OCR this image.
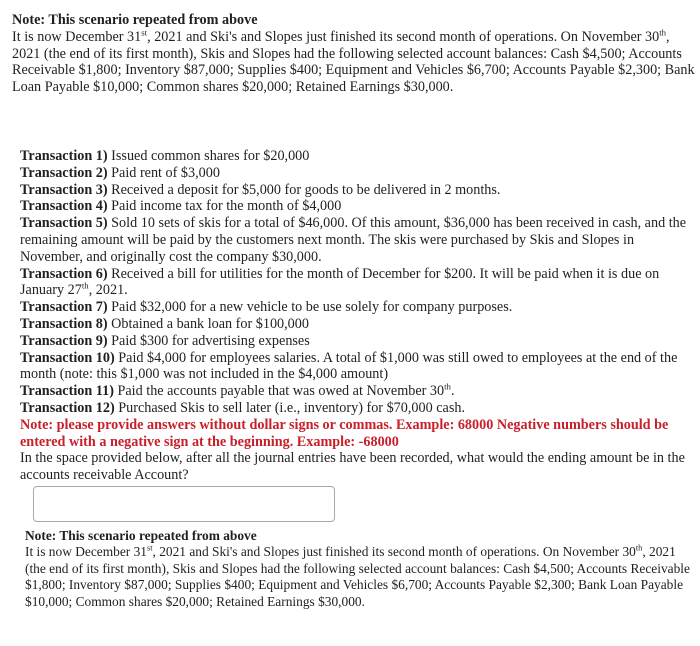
Note: This scenario repeated from above
It is now December 31st, 2021 and Ski's and Slopes just finished its second month of operations. On November 30th, 2021 (the end of its first month), Skis and Slopes had the following selected account balances: Cash $4,500; Accounts Receivable $1,800; Inventory $87,000; Supplies $400; Equipment and Vehicles $6,700; Accounts Payable $2,300; Bank Loan Payable $10,000; Common shares $20,000; Retained Earnings $30,000.
Transaction 1) Issued common shares for $20,000
Transaction 2) Paid rent of $3,000
Transaction 3) Received a deposit for $5,000 for goods to be delivered in 2 months.
Transaction 4) Paid income tax for the month of $4,000
Transaction 5) Sold 10 sets of skis for a total of $46,000. Of this amount, $36,000 has been received in cash, and the remaining amount will be paid by the customers next month. The skis were purchased by Skis and Slopes in November, and originally cost the company $30,000.
Transaction 6) Received a bill for utilities for the month of December for $200. It will be paid when it is due on January 27th, 2021.
Transaction 7) Paid $32,000 for a new vehicle to be use solely for company purposes.
Transaction 8) Obtained a bank loan for $100,000
Transaction 9) Paid $300 for advertising expenses
Transaction 10) Paid $4,000 for employees salaries. A total of $1,000 was still owed to employees at the end of the month (note: this $1,000 was not included in the $4,000 amount)
Transaction 11) Paid the accounts payable that was owed at November 30th.
Transaction 12) Purchased Skis to sell later (i.e., inventory) for $70,000 cash.
Note: please provide answers without dollar signs or commas. Example: 68000 Negative numbers should be entered with a negative sign at the beginning. Example: -68000
In the space provided below, after all the journal entries have been recorded, what would the ending amount be in the accounts receivable Account?
Note: This scenario repeated from above
It is now December 31st, 2021 and Ski's and Slopes just finished its second month of operations. On November 30th, 2021 (the end of its first month), Skis and Slopes had the following selected account balances: Cash $4,500; Accounts Receivable $1,800; Inventory $87,000; Supplies $400; Equipment and Vehicles $6,700; Accounts Payable $2,300; Bank Loan Payable $10,000; Common shares $20,000; Retained Earnings $30,000.
